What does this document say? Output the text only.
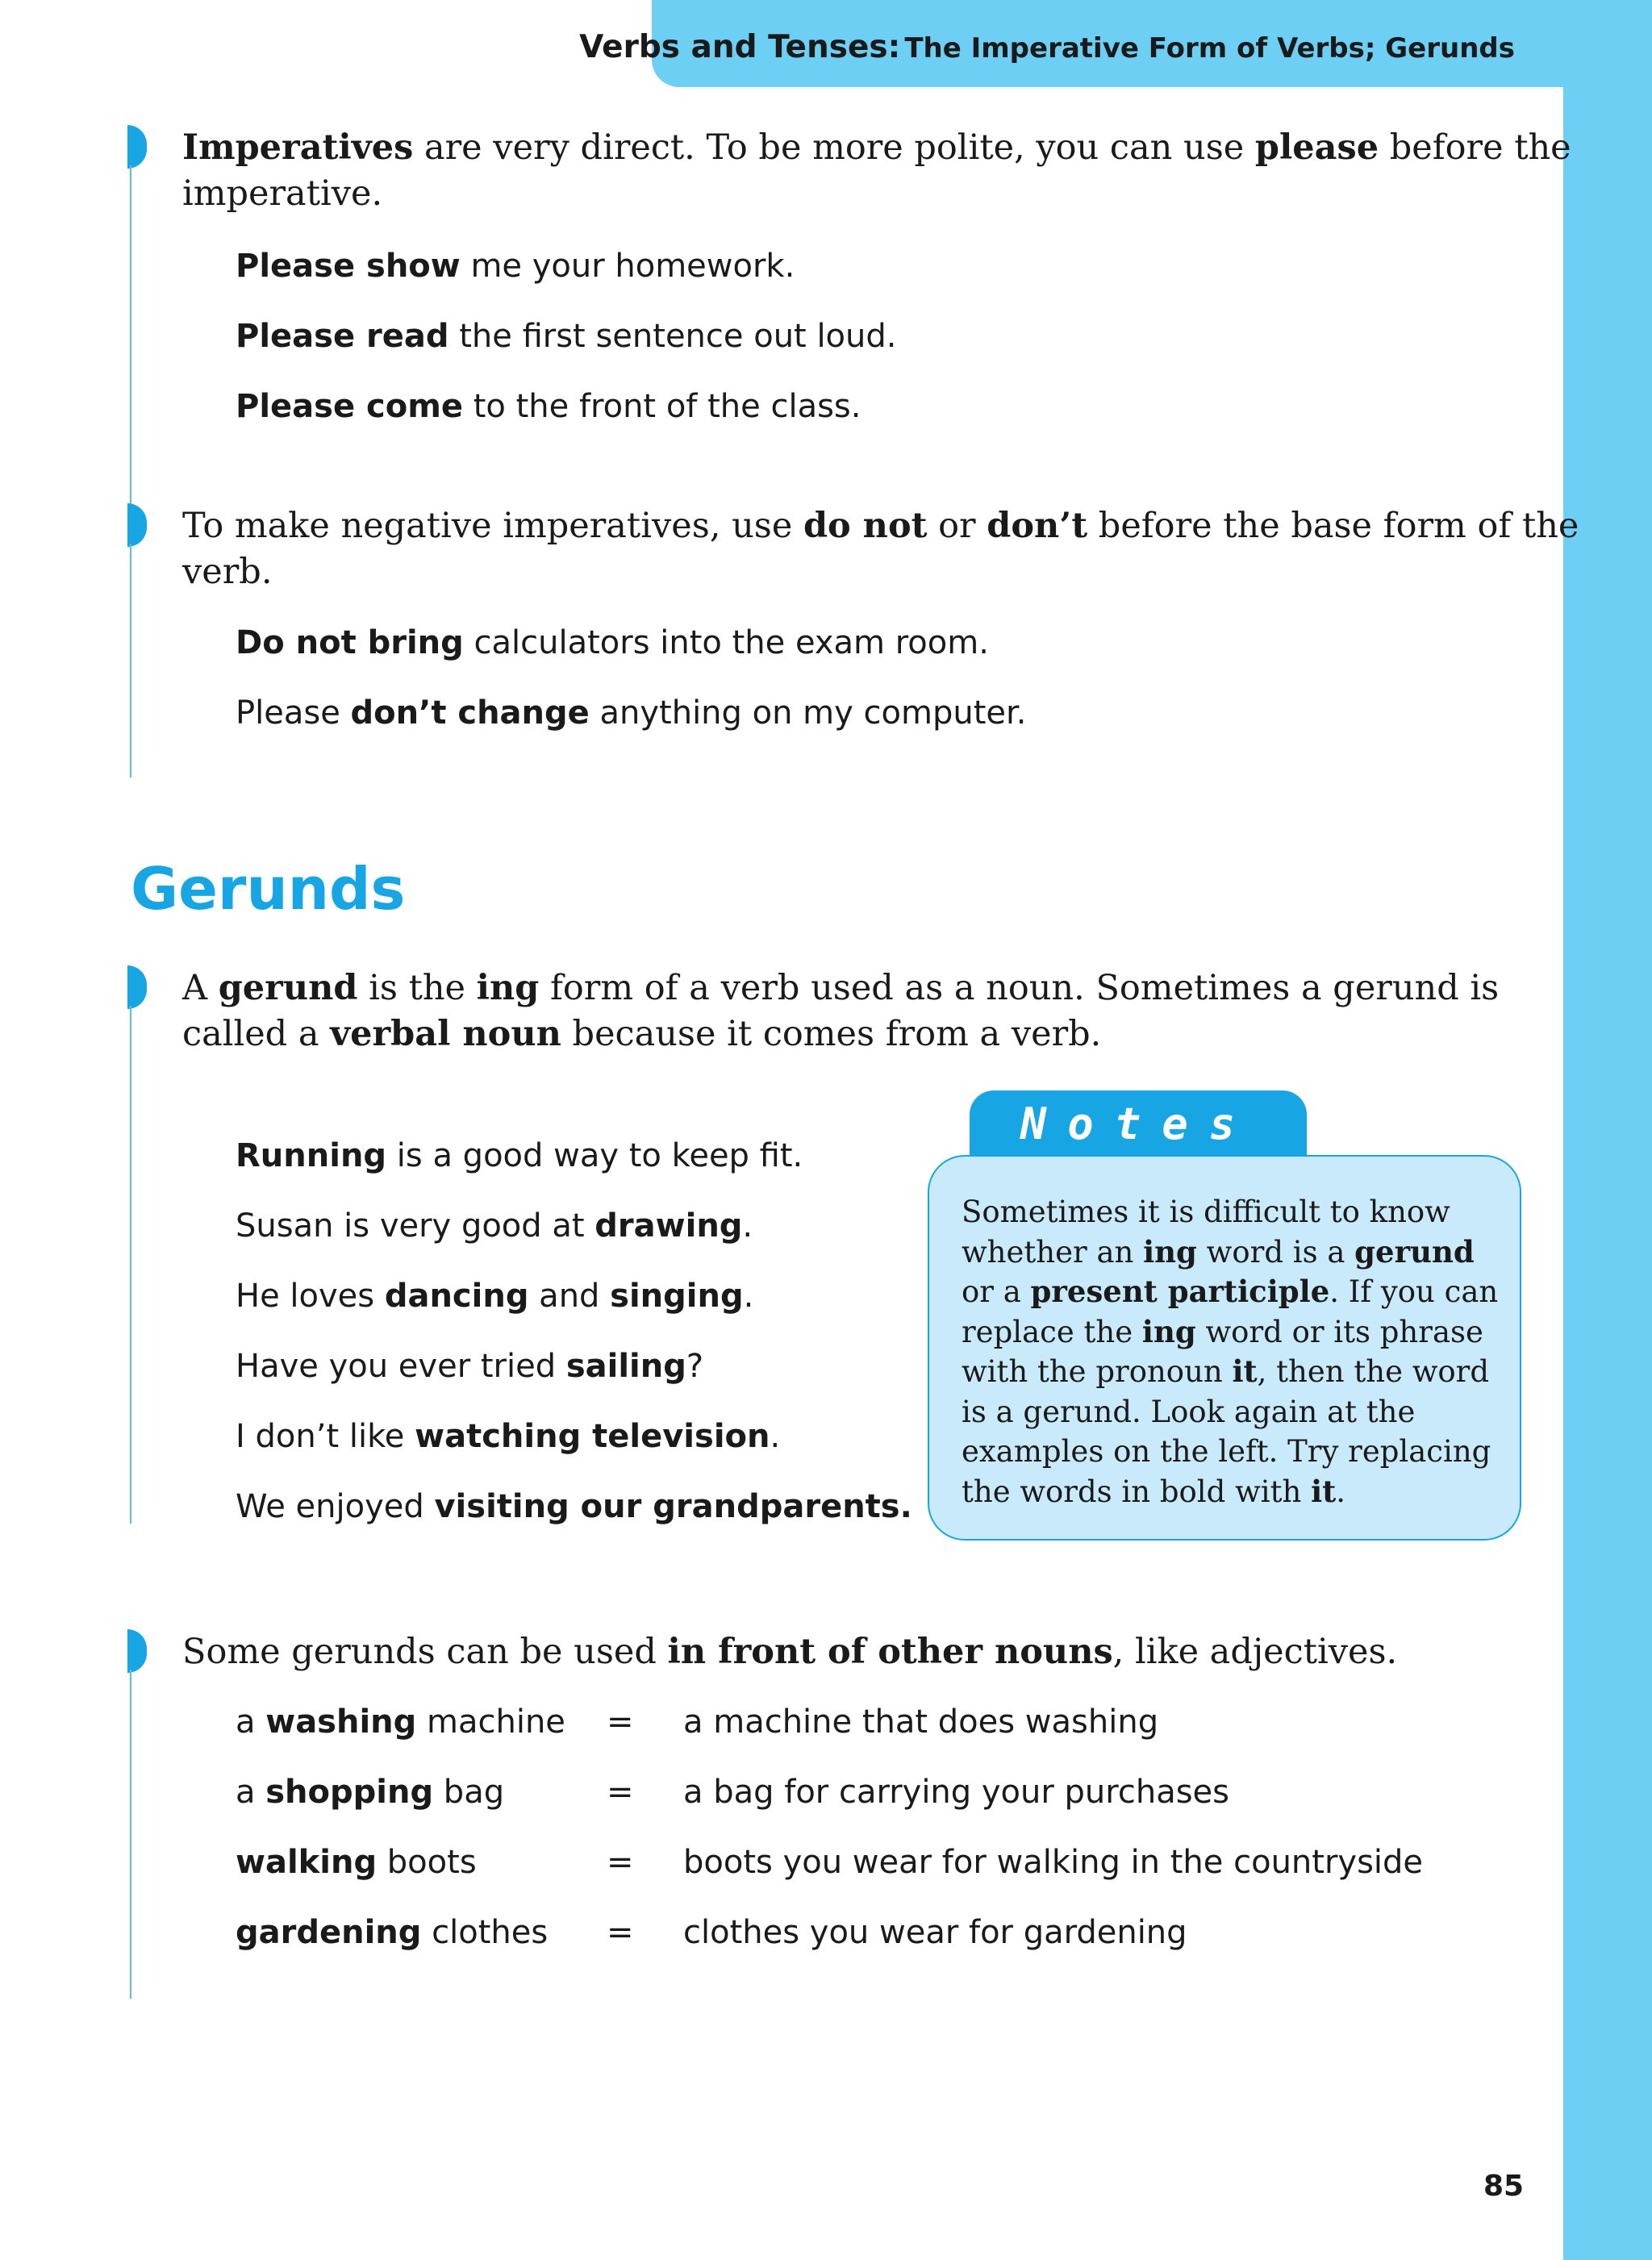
Verbs and Tenses: The Imperative Form of Verbs; Gerunds
Imperatives are very direct. To be more polite, you can use please before the imperative.
Please show me your homework.
Please read the first sentence out loud.
Please come to the front of the class.
To make negative imperatives, use do not or don’t before the base form of the verb.
Do not bring calculators into the exam room.
Please don’t change anything on my computer.
Gerunds
A gerund is the ing form of a verb used as a noun. Sometimes a gerund is called a verbal noun because it comes from a verb.
Running is a good way to keep fit.
Susan is very good at drawing.
He loves dancing and singing.
Have you ever tried sailing?
I don’t like watching television.
We enjoyed visiting our grandparents.
Notes
Sometimes it is difficult to know
whether an ing word is a gerund
or a present participle. If you can
replace the ing word or its phrase
with the pronoun it, then the word
is a gerund. Look again at the
examples on the left. Try replacing
the words in bold with it.
Some gerunds can be used in front of other nouns, like adjectives.
a washing machine = a machine that does washing
a shopping bag	= a bag for carrying your purchases
walking boots	= boots you wear for walking in the countryside
gardening clothes = clothes you wear for gardening
85
